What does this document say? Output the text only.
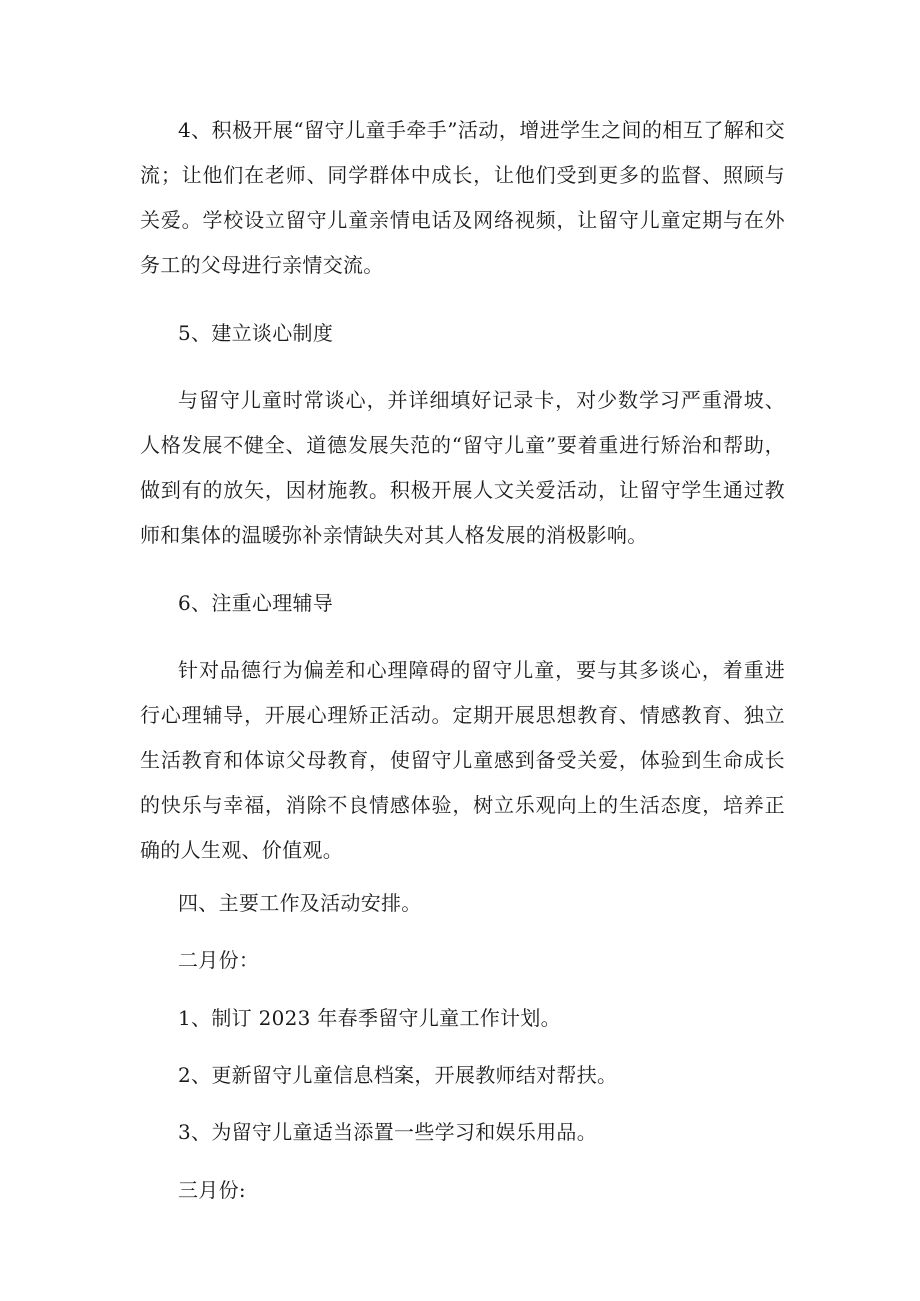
4、积极开展“留守儿童手牵手”活动，增进学生之间的相互了解和交流；让他们在老师、同学群体中成长，让他们受到更多的监督、照顾与关爱。学校设立留守儿童亲情电话及网络视频，让留守儿童定期与在外务工的父母进行亲情交流。

5、建立谈心制度

与留守儿童时常谈心，并详细填好记录卡，对少数学习严重滑坡、人格发展不健全、道德发展失范的“留守儿童”要着重进行矫治和帮助，做到有的放矢，因材施教。积极开展人文关爱活动，让留守学生通过教师和集体的温暖弥补亲情缺失对其人格发展的消极影响。

6、注重心理辅导

针对品德行为偏差和心理障碍的留守儿童，要与其多谈心，着重进行心理辅导，开展心理矫正活动。定期开展思想教育、情感教育、独立生活教育和体谅父母教育，使留守儿童感到备受关爱，体验到生命成长的快乐与幸福，消除不良情感体验，树立乐观向上的生活态度，培养正确的人生观、价值观。

四、主要工作及活动安排。

二月份：

1、制订 2023 年春季留守儿童工作计划。

2、更新留守儿童信息档案，开展教师结对帮扶。

3、为留守儿童适当添置一些学习和娱乐用品。

三月份:
